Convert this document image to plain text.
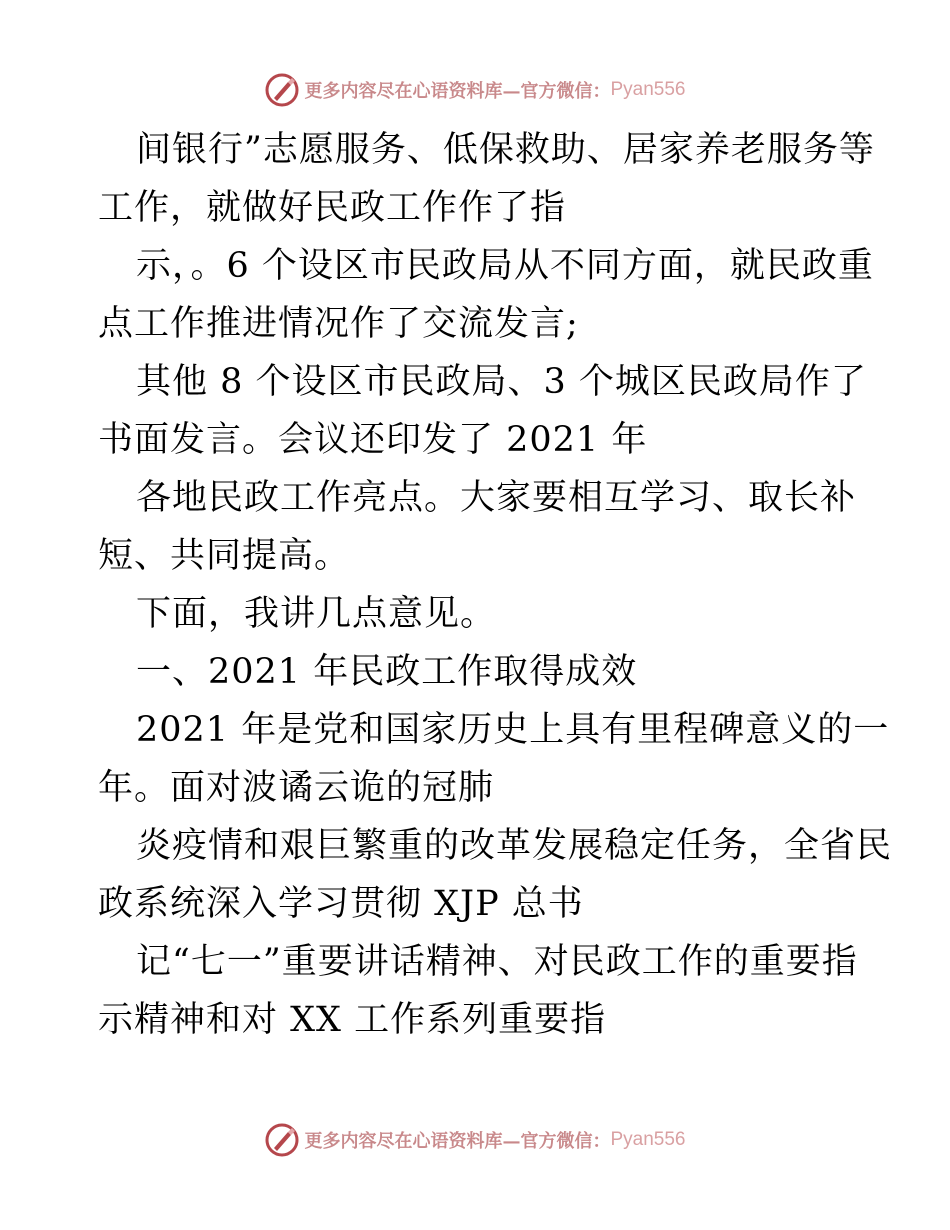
更多内容尽在心语资料库—官方微信： Pyan556
间银行”志愿服务、低保救助、居家养老服务等
工作，就做好民政工作作了指
示，。6 个设区市民政局从不同方面，就民政重
点工作推进情况作了交流发言;
其他 8 个设区市民政局、3 个城区民政局作了
书面发言。会议还印发了 2021 年
各地民政工作亮点。大家要相互学习、取长补
短、共同提高。
下面，我讲几点意见。
一、2021 年民政工作取得成效
2021 年是党和国家历史上具有里程碑意义的一
年。面对波谲云诡的冠肺
炎疫情和艰巨繁重的改革发展稳定任务，全省民
政系统深入学习贯彻 XJP 总书
记“七一”重要讲话精神、对民政工作的重要指
示精神和对 XX 工作系列重要指
更多内容尽在心语资料库—官方微信： Pyan556
